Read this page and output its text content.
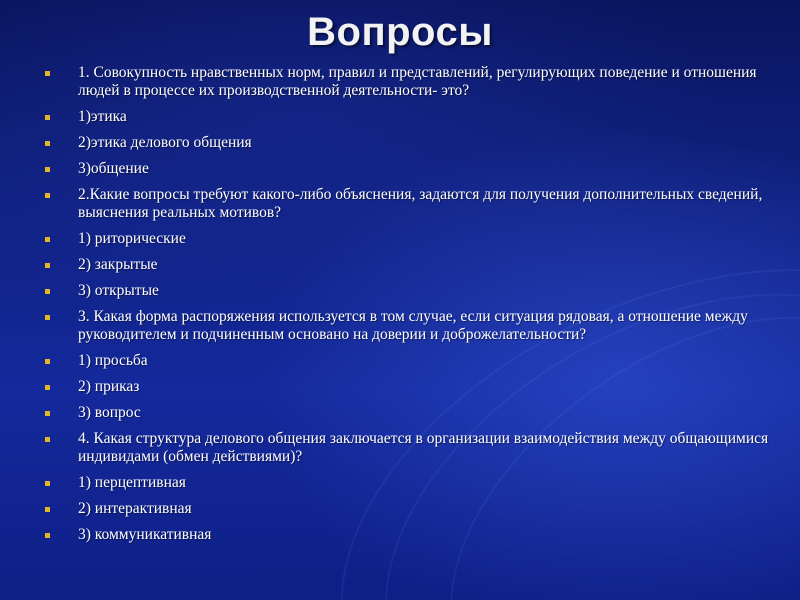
Вопросы
1. Совокупность нравственных норм, правил и представлений, регулирующих поведение и отношения людей в процессе их производственной деятельности- это?
1)этика
2)этика делового общения
3)общение
2.Какие вопросы требуют какого-либо объяснения, задаются для получения дополнительных сведений, выяснения реальных мотивов?
1) риторические
2) закрытые
3) открытые
3. Какая форма распоряжения используется в том случае, если ситуация рядовая, а отношение между руководителем и подчиненным основано на доверии и доброжелательности?
1) просьба
2) приказ
3) вопрос
4. Какая структура делового общения заключается в организации взаимодействия между общающимися индивидами (обмен действиями)?
1) перцептивная
2) интерактивная
3) коммуникативная
